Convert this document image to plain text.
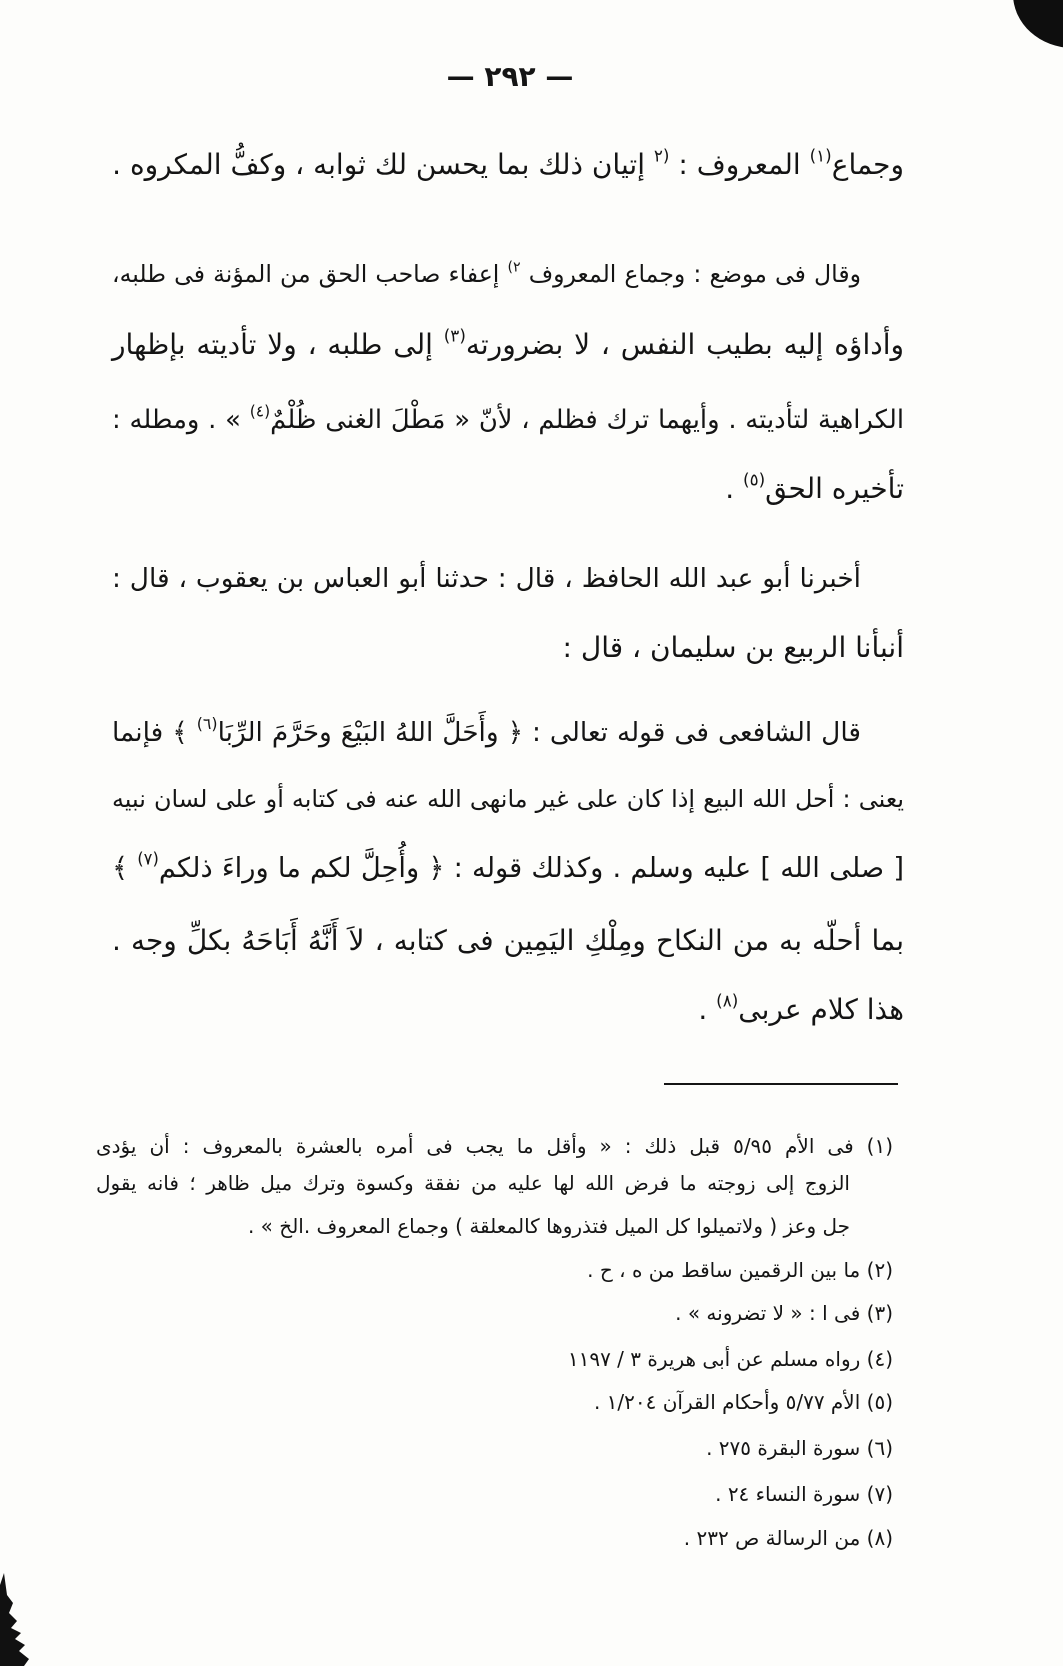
— ٢٩٢ —
وجماع$^{(١)}$ المعروف : $^{(٢}$ إتيان ذلك بما يحسن لك ثوابه ، وكفُّ المكروه .
وقال فى موضع : وجماع المعروف $^{٢)}$ إعفاء صاحب الحق من المؤنة فى طلبه،
وأداؤه إليه بطيب النفس ، لا بضرورته$^{(٣)}$ إلى طلبه ، ولا تأديته بإظهار
الكراهية لتأديته . وأيهما ترك فظلم ، لأنّ « مَطْلَ الغنى ظُلْمٌ$^{(٤)}$ » . ومطله :
تأخيره الحق$^{(٥)}$ .
أخبرنا أبو عبد الله الحافظ ، قال : حدثنا أبو العباس بن يعقوب ، قال :
أنبأنا الربيع بن سليمان ، قال :
قال الشافعى فى قوله تعالى : ﴿ وأَحَلَّ اللهُ البَيْعَ وحَرَّمَ الرِّبَا$^{(٦)}$ ﴾ فإنما
يعنى : أحل الله البيع إذا كان على غير مانهى الله عنه فى كتابه أو على لسان نبيه
[ صلى الله ] عليه وسلم . وكذلك قوله : ﴿ وأُحِلَّ لكم ما وراءَ ذلكم$^{(٧)}$ ﴾
بما أحلّه به من النكاح ومِلْكِ اليَمِين فى كتابه ، لاَ أَنَّهُ أَبَاحَهُ بكلِّ وجه .
هذا كلام عربى$^{(٨)}$ .
(١) فى الأم ٥/٩٥ قبل ذلك : « وأقل ما يجب فى أمره بالعشرة بالمعروف : أن يؤدى
الزوج إلى زوجته ما فرض الله لها عليه من نفقة وكسوة وترك ميل ظاهر ؛ فانه يقول
جل وعز ( ولاتميلوا كل الميل فتذروها كالمعلقة ) وجماع المعروف .الخ » .
(٢) ما بين الرقمين ساقط من ه ، ح .
(٣) فى ا : « لا تضرونه » .
(٤) رواه مسلم عن أبى هريرة ٣ / ١١٩٧
(٥) الأم ٥/٧٧ وأحكام القرآن ١/٢٠٤ .
(٦) سورة البقرة ٢٧٥ .
(٧) سورة النساء ٢٤ .
(٨) من الرسالة ص ٢٣٢ .
